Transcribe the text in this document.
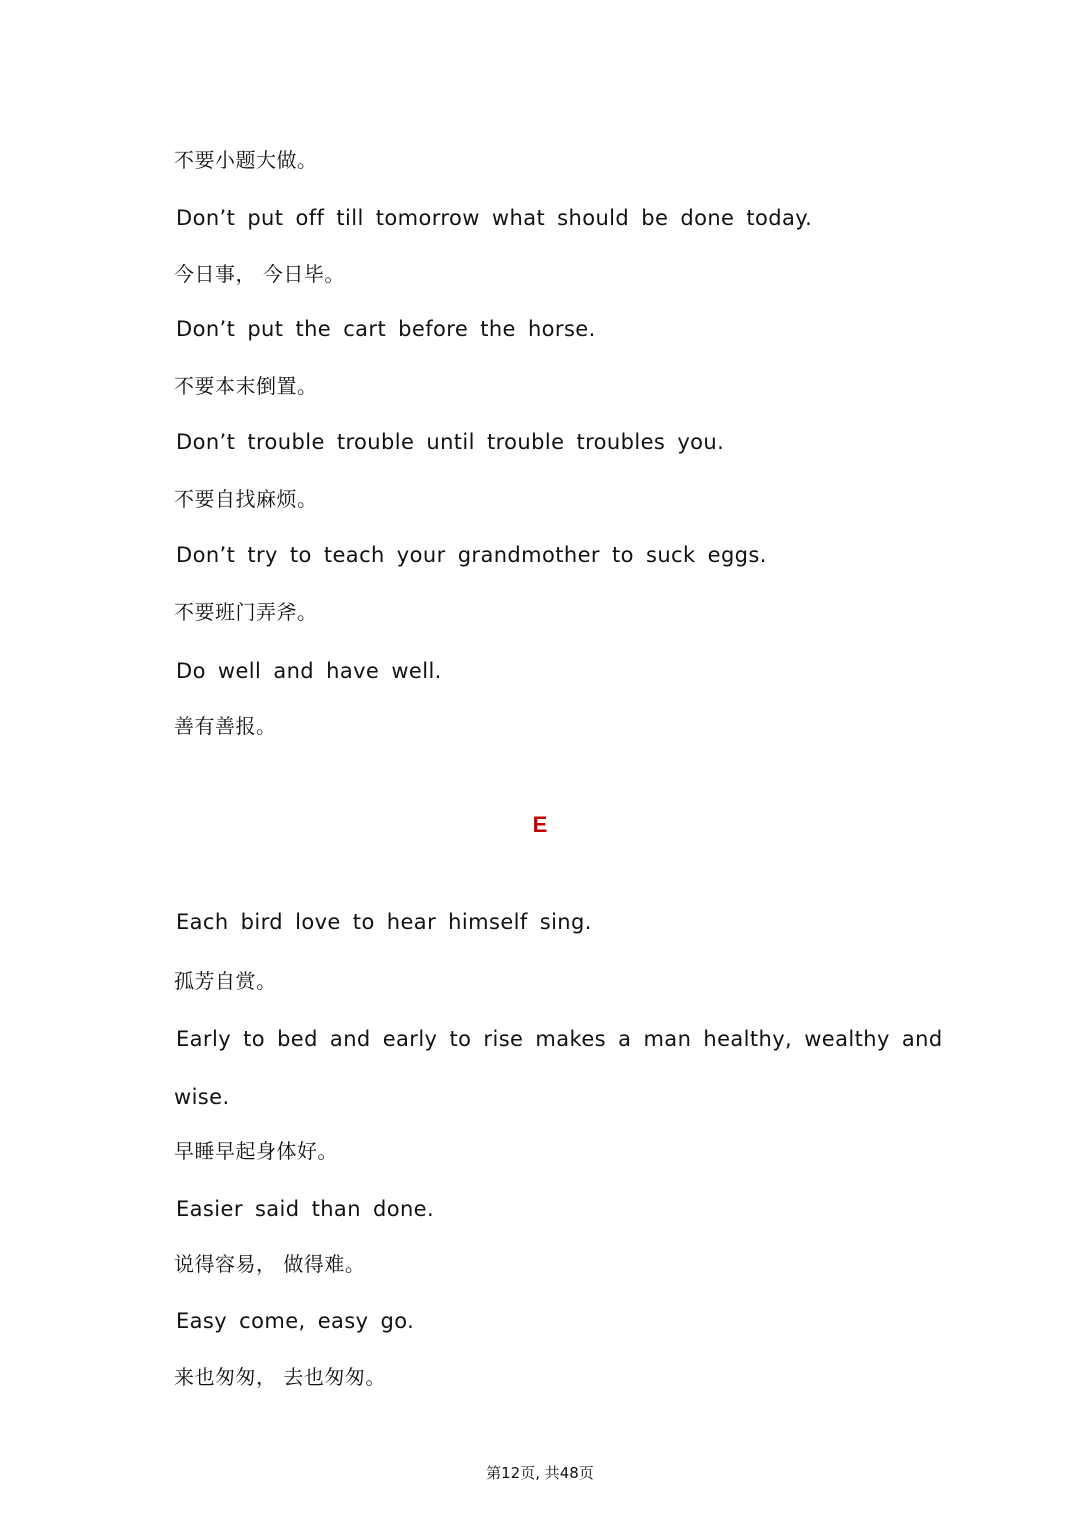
不要小题大做。
Don’t put off till tomorrow what should be done today.
今日事， 今日毕。
Don’t put the cart before the horse.
不要本末倒置。
Don’t trouble trouble until trouble troubles you.
不要自找麻烦。
Don’t try to teach your grandmother to suck eggs.
不要班门弄斧。
Do well and have well.
善有善报。
E
Each bird love to hear himself sing.
孤芳自赏。
Early to bed and early to rise makes a man healthy, wealthy and
wise.
早睡早起身体好。
Easier said than done.
说得容易， 做得难。
Easy come, easy go.
来也匆匆， 去也匆匆。
第12页, 共48页
